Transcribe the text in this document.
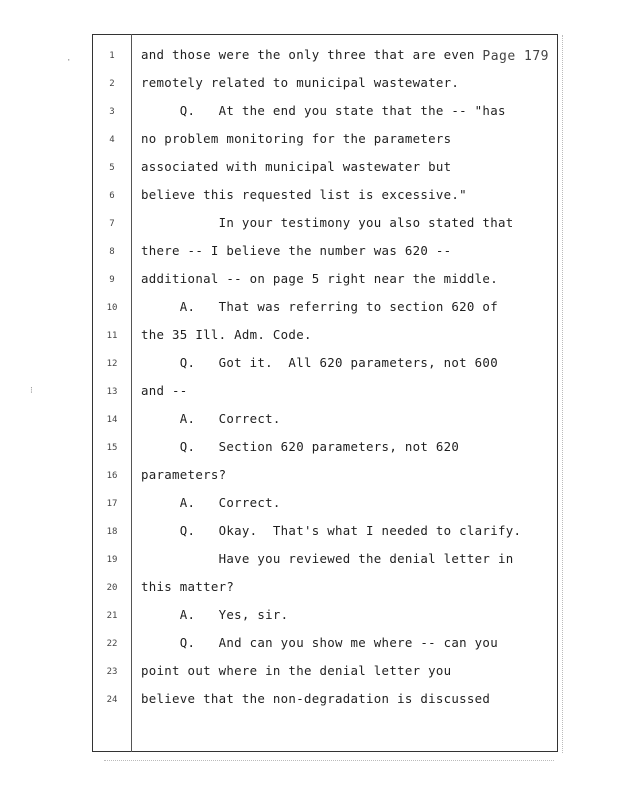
Page 179
1	and those were the only three that are even
2	remotely related to municipal wastewater.
3	Q.   At the end you state that the -- "has
4	no problem monitoring for the parameters
5	associated with municipal wastewater but
6	believe this requested list is excessive."
7	In your testimony you also stated that
8	there -- I believe the number was 620 --
9	additional -- on page 5 right near the middle.
10	A.   That was referring to section 620 of
11	the 35 Ill. Adm. Code.
12	Q.   Got it.  All 620 parameters, not 600
13	and --
14	A.   Correct.
15	Q.   Section 620 parameters, not 620
16	parameters?
17	A.   Correct.
18	Q.   Okay.  That's what I needed to clarify.
19	Have you reviewed the denial letter in
20	this matter?
21	A.   Yes, sir.
22	Q.   And can you show me where -- can you
23	point out where in the denial letter you
24	believe that the non-degradation is discussed
·
⁝
